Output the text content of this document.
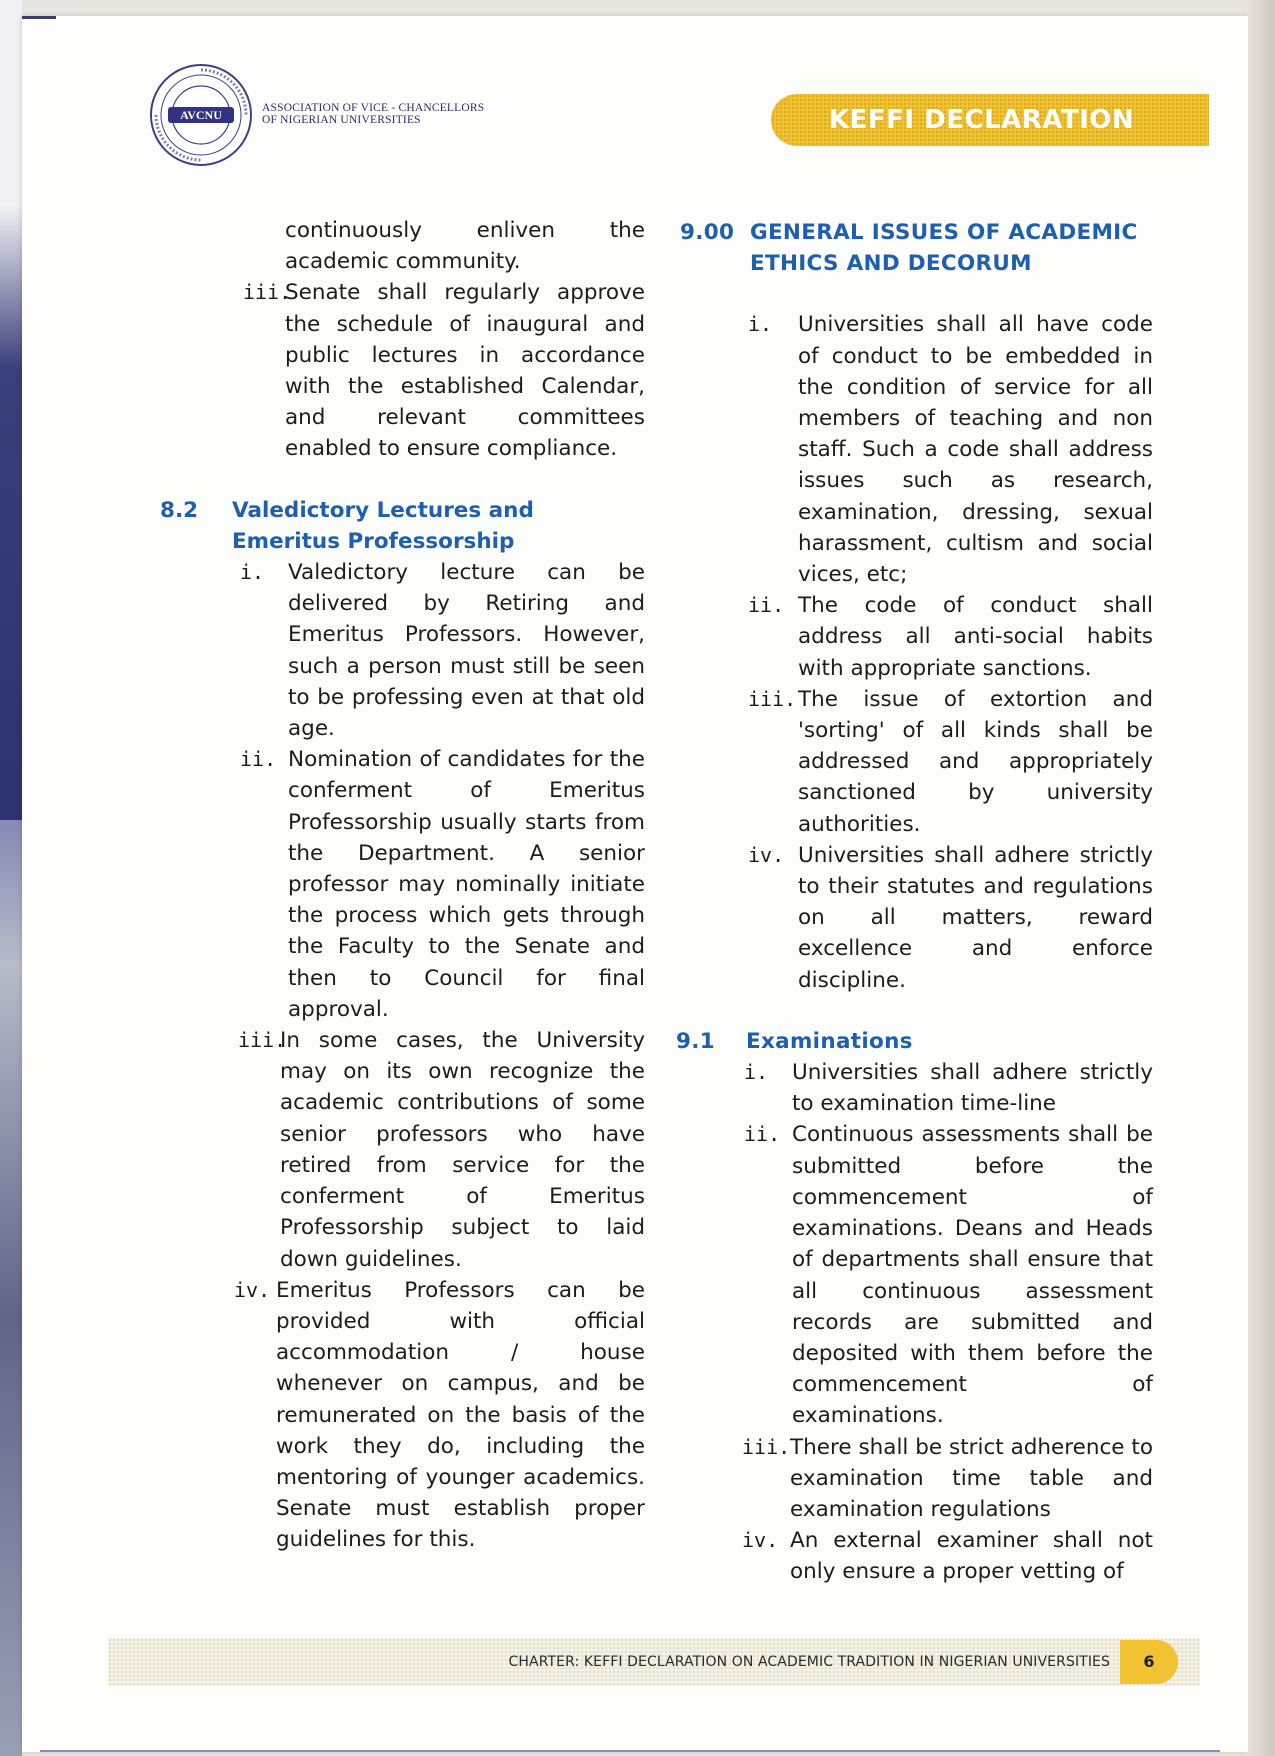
AVCNU	ASSOCIATION OF VICE - CHANCELLORS
OF NIGERIAN UNIVERSITIES	KEFFI DECLARATION
continuously enliven the academic community.
iii.
Senate shall regularly approve the schedule of inaugural and public lectures in accordance with the established Calendar, and relevant committees enabled to ensure compliance.
8.2	Valedictory Lectures and Emeritus Professorship
i.	Valedictory lecture can be delivered by Retiring and Emeritus Professors. However, such a person must still be seen to be professing even at that old age.
ii. Nomination of candidates for the conferment of Emeritus Professorship usually starts from the Department. A senior professor may nominally initiate the process which gets through the Faculty to the Senate and then to Council for final approval.
iii.
In some cases, the University may on its own recognize the academic contributions of some senior professors who have retired from service for the conferment of Emeritus Professorship subject to laid down guidelines.
iv. Emeritus Professors can be provided with official accommodation / house whenever on campus, and be remunerated on the basis of the work they do, including the mentoring of younger academics. Senate must establish proper guidelines for this.
9.00 GENERAL ISSUES OF ACADEMIC ETHICS AND DECORUM
i.	Universities shall all have code of conduct to be embedded in the condition of service for all members of teaching and non staff. Such a code shall address issues such as research, examination, dressing, sexual harassment, cultism and social vices, etc;
ii. The code of conduct shall address all anti-social habits with appropriate sanctions.
iii. The issue of extortion and 'sorting' of all kinds shall be addressed and appropriately sanctioned by university authorities.
iv. Universities shall adhere strictly to their statutes and regulations on all matters, reward excellence and enforce discipline.
9.1	Examinations
i.	Universities shall adhere strictly to examination time-line
ii. Continuous assessments shall be submitted before the commencement of examinations. Deans and Heads of departments shall ensure that all continuous assessment records are submitted and deposited with them before the commencement of examinations.
iii. There shall be strict adherence to examination time table and examination regulations
iv. An external examiner shall not only ensure a proper vetting of
CHARTER: KEFFI DECLARATION ON ACADEMIC TRADITION IN NIGERIAN UNIVERSITIES	6
